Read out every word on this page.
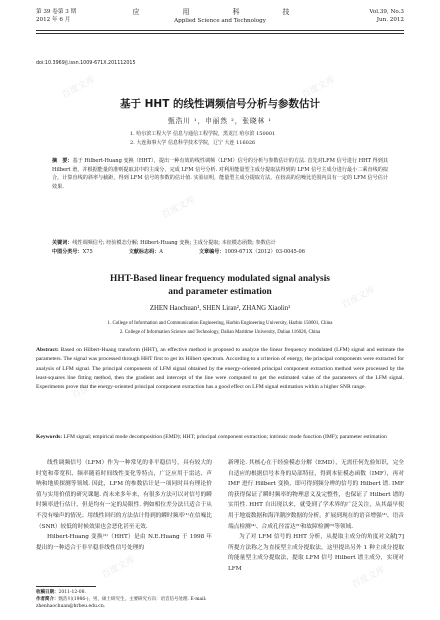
百度文库	百度文库
百度文库
百度文库
百度文库
百度文库
百度文库	百度文库
第 39 卷第 3 期
2012 年 6 月
应　用　科　技
Applied Science and Technology
Vol.39, No.3
Jun. 2012
doi:10.3969/j.issn.1009-671X.201112015
基于 HHT 的线性调频信号分析与参数估计
甄浩川 ¹，申丽然 ²，张晓林 ¹
1. 哈尔滨工程大学 信息与通信工程学院，黑龙江 哈尔滨 150001
2. 大连海事大学 信息科学技术学院，辽宁 大连 116026
摘　要：基于 Hilbert-Huang 变换（HHT），提出一种有效的线性调频（LFM）信号的分析与参数估计的方法. 首先对LFM 信号进行 HHT 得到其 Hilbert 谱，并根据能量的准则提取其中的主成分，完成 LFM 信号分析. 对利用能量型主成分提取法得到的 LFM 信号主成分进行最小二乘直线的拟合，计算直线的斜率与截距，得到 LFM 信号的参数的估计值. 实验证明，能量型主成分提取方法，在较高的信噪比范围内具有一定的 LFM 信号估计效果.
关键词：线性调频信号; 经验模态分解; Hilbert-Huang 变换; 主成分提取; 本征模态函数; 参数估计
中图分类号：X75	文献标志码：A	文章编号：1009-671X（2012）03-0045-06
HHT-Based linear frequency modulated signal analysis
and parameter estimation
ZHEN Haochuan¹, SHEN Liran², ZHANG Xiaolin¹
1. College of Information and Communication Engineering, Harbin Engineering University, Harbin 150001, China
2. College of Information Science and Technology, Dalian Maritime University, Dalian 116026, China
Abstract: Based on Hilbert-Huang transform (HHT), an effective method is proposed to analyze the linear frequency modulated (LFM) signal and estimate the parameters. The signal was processed through HHT first to get its Hilbert spectrum. According to a criterion of energy, the principal components were extracted for analysis of LFM signal. The principal components of LFM signal obtained by the energy-oriented principal component extraction method were processed by the least-squares line fitting method, then the gradient and intercept of the line were computed to get the estimated value of the parameters of the LFM signal. Experiments prove that the energy-oriented principal component extraction has a good effect on LFM signal estimation within a higher SNR range.
Keywords: LFM signal; empirical mode decomposition (EMD); HHT; principal component extraction; intrinsic mode function (IMF); parameter estimation

线性调频信号（LFM）作为一种常见的非平稳信号，具有较大的时宽和带宽积、频率随着时间线性变化等特点，广泛应用于雷达、声呐和地质探测等领域. 因此，LFM 的参数估计是一项同时具有理论价值与实用价值的研究课题. 尚未来多年来，有很多方法可以对信号的瞬时频率进行估计，但是均有一定的局限性. 例如相位差分法只适合于从不没有噪声的情况；用线性回归的方法估计得到的瞬时频率⁽¹⁾在信噪比（SNR）较低的时候效果也会恶化甚至无效.

Hilbert-Huang 变换⁽²⁾（HHT）是由 N.E.Huang 于 1998 年提出的一种适合于非平稳非线性信号处理的

新理论. 其核心在于经验模态分解（EMD），无需任何先验知识，完全自适应的根据信号本身的局部特征，得到本征模态函数（IMF），再对 IMF 进行 Hilbert 变换，即可得到频分辨的信号的 Hilbert 谱. IMF 的获得保证了瞬时频率的物理意义及完整性，也保证了 Hilbert 谱的实用性. HHT 自出现以来，就受到了学术界的广泛关注，从其最早使用于地震数据和海洋潮汐数据的分析，扩展到现在的语音增强⁽³⁾、语音端点检测⁽⁴⁾、合成孔径雷达⁽⁵⁾和故障检测⁽⁶⁾等领域.

为了对 LFM 信号的 HHT 分析，从提取主成分的角度对文献[7]所提方法称之为直接型主成分提取法，这里提出另外 1 种主成分提取的能量型主成分提取法，提取 LFM 信号 Hilbert 谱主成分，实现对 LFM

收稿日期：2011-12-08.
作者简介：甄浩川(1986-)，男，硕士研究生，主要研究方向：语音信号处理. E-mail: zhenhaochuan@hrbeu.edu.cn.
